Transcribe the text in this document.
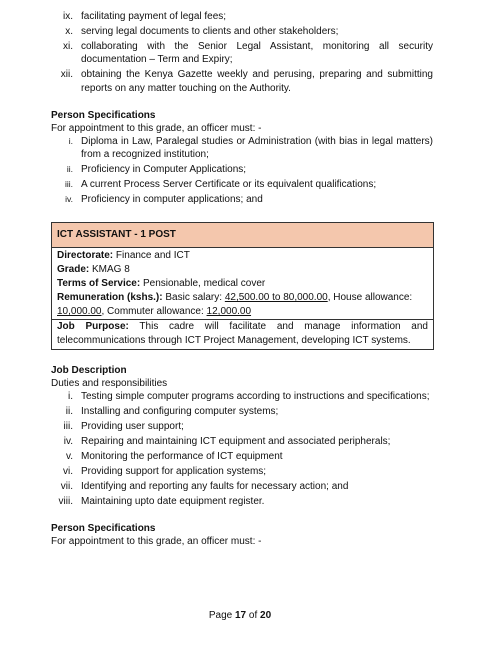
ix. facilitating payment of legal fees;
x. serving legal documents to clients and other stakeholders;
xi. collaborating with the Senior Legal Assistant, monitoring all security documentation – Term and Expiry;
xii. obtaining the Kenya Gazette weekly and perusing, preparing and submitting reports on any matter touching on the Authority.
Person Specifications
For appointment to this grade, an officer must: -
i. Diploma in Law, Paralegal studies or Administration (with bias in legal matters) from a recognized institution;
ii. Proficiency in Computer Applications;
iii. A current Process Server Certificate or its equivalent qualifications;
iv. Proficiency in computer applications; and
ICT ASSISTANT - 1 POST
Directorate: Finance and ICT
Grade: KMAG 8
Terms of Service: Pensionable, medical cover
Remuneration (kshs.): Basic salary: 42,500.00 to 80,000.00, House allowance: 10,000.00, Commuter allowance: 12,000.00
Job Purpose: This cadre will facilitate and manage information and telecommunications through ICT Project Management, developing ICT systems.
Job Description
Duties and responsibilities
i. Testing simple computer programs according to instructions and specifications;
ii. Installing and configuring computer systems;
iii. Providing user support;
iv. Repairing and maintaining ICT equipment and associated peripherals;
v. Monitoring the performance of ICT equipment
vi. Providing support for application systems;
vii. Identifying and reporting any faults for necessary action; and
viii. Maintaining upto date equipment register.
Person Specifications
For appointment to this grade, an officer must: -
Page 17 of 20
